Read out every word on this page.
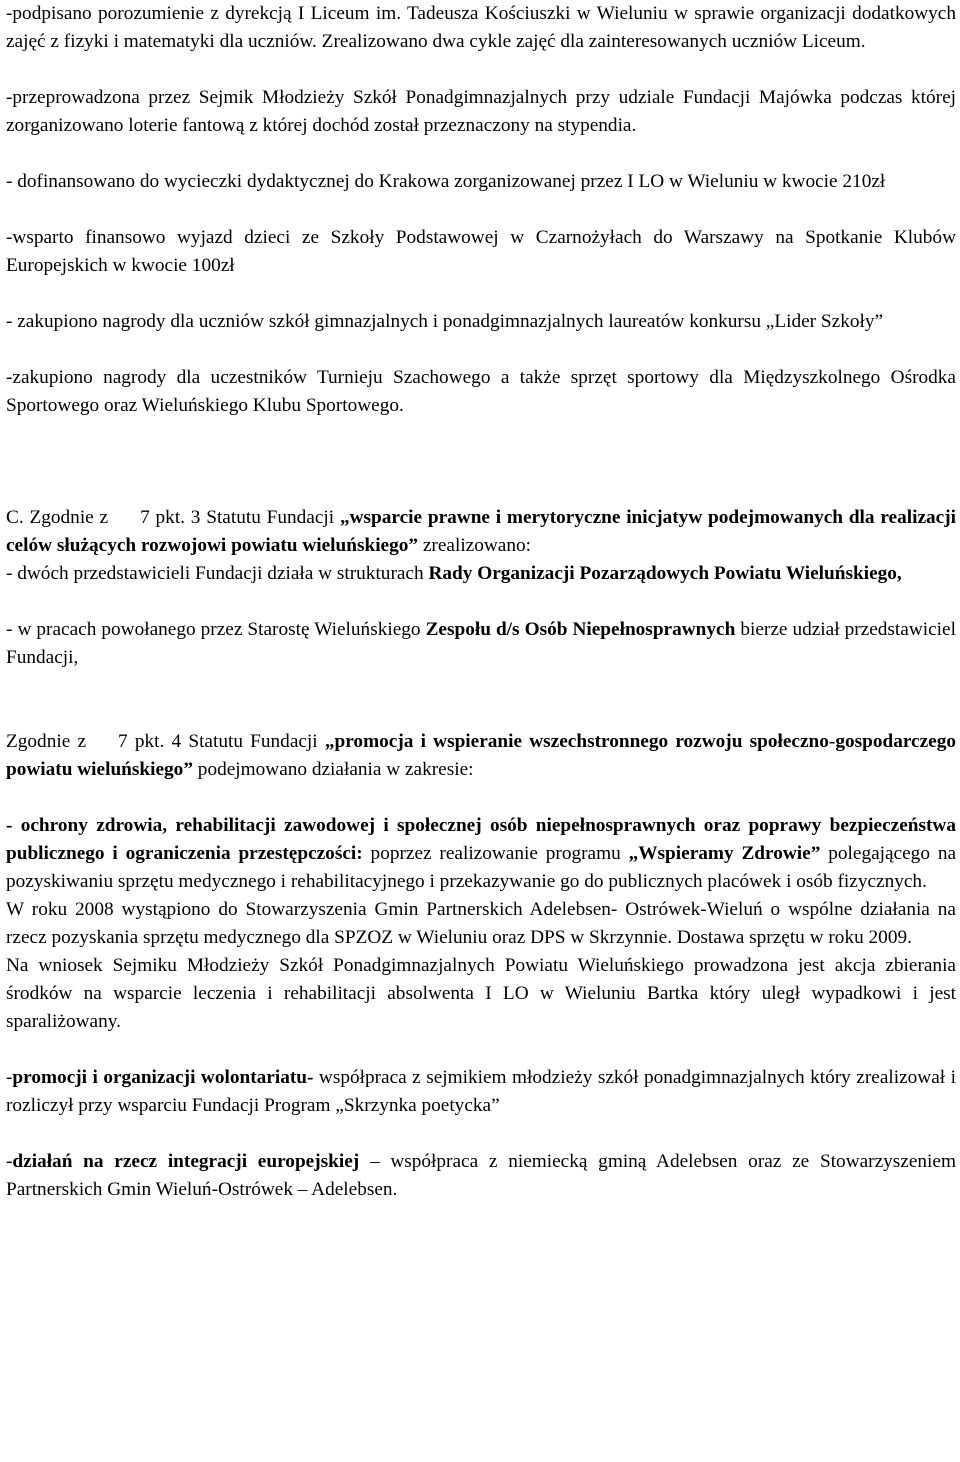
-podpisano porozumienie z dyrekcją I Liceum im. Tadeusza Kościuszki w Wieluniu w sprawie organizacji dodatkowych zajęć z fizyki i matematyki dla uczniów. Zrealizowano dwa cykle zajęć dla zainteresowanych uczniów Liceum.

-przeprowadzona przez Sejmik Młodzieży Szkół Ponadgimnazjalnych przy udziale Fundacji Majówka podczas której zorganizowano loterie fantową z której dochód został przeznaczony na stypendia.

- dofinansowano do wycieczki dydaktycznej do Krakowa zorganizowanej przez I LO w Wieluniu w kwocie 210zł

-wsparto finansowo wyjazd dzieci ze Szkoły Podstawowej w Czarnożyłach do Warszawy na Spotkanie Klubów Europejskich w kwocie 100zł

- zakupiono nagrody dla uczniów szkół gimnazjalnych i ponadgimnazjalnych laureatów konkursu „Lider Szkoły”

-zakupiono nagrody dla uczestników Turnieju Szachowego a także sprzęt sportowy dla Międzyszkolnego Ośrodka Sportowego oraz Wieluńskiego Klubu Sportowego.

C. Zgodnie z 7 pkt. 3 Statutu Fundacji „wsparcie prawne i merytoryczne inicjatyw podejmowanych dla realizacji celów służących rozwojowi powiatu wieluńskiego” zrealizowano:
- dwóch przedstawicieli Fundacji działa w strukturach Rady Organizacji Pozarządowych Powiatu Wieluńskiego,

- w pracach powołanego przez Starostę Wieluńskiego Zespołu d/s Osób Niepełnosprawnych bierze udział przedstawiciel Fundacji,

Zgodnie z 7 pkt. 4 Statutu Fundacji „promocja i wspieranie wszechstronnego rozwoju społeczno-gospodarczego powiatu wieluńskiego” podejmowano działania w zakresie:

- ochrony zdrowia, rehabilitacji zawodowej i społecznej osób niepełnosprawnych oraz poprawy bezpieczeństwa publicznego i ograniczenia przestępczości: poprzez realizowanie programu „Wspieramy Zdrowie” polegającego na pozyskiwaniu sprzętu medycznego i rehabilitacyjnego i przekazywanie go do publicznych placówek i osób fizycznych.

W roku 2008 wystąpiono do Stowarzyszenia Gmin Partnerskich Adelebsen- Ostrówek-Wieluń o wspólne działania na rzecz pozyskania sprzętu medycznego dla SPZOZ w Wieluniu oraz DPS w Skrzynnie. Dostawa sprzętu w roku 2009.

Na wniosek Sejmiku Młodzieży Szkół Ponadgimnazjalnych Powiatu Wieluńskiego prowadzona jest akcja zbierania środków na wsparcie leczenia i rehabilitacji absolwenta I LO w Wieluniu Bartka który uległ wypadkowi i jest sparaliżowany.

-promocji i organizacji wolontariatu- współpraca z sejmikiem młodzieży szkół ponadgimnazjalnych który zrealizował i rozliczył przy wsparciu Fundacji Program „Skrzynka poetycka”

-działań na rzecz integracji europejskiej – współpraca z niemiecką gminą Adelebsen oraz ze Stowarzyszeniem Partnerskich Gmin Wieluń-Ostrówek – Adelebsen.
